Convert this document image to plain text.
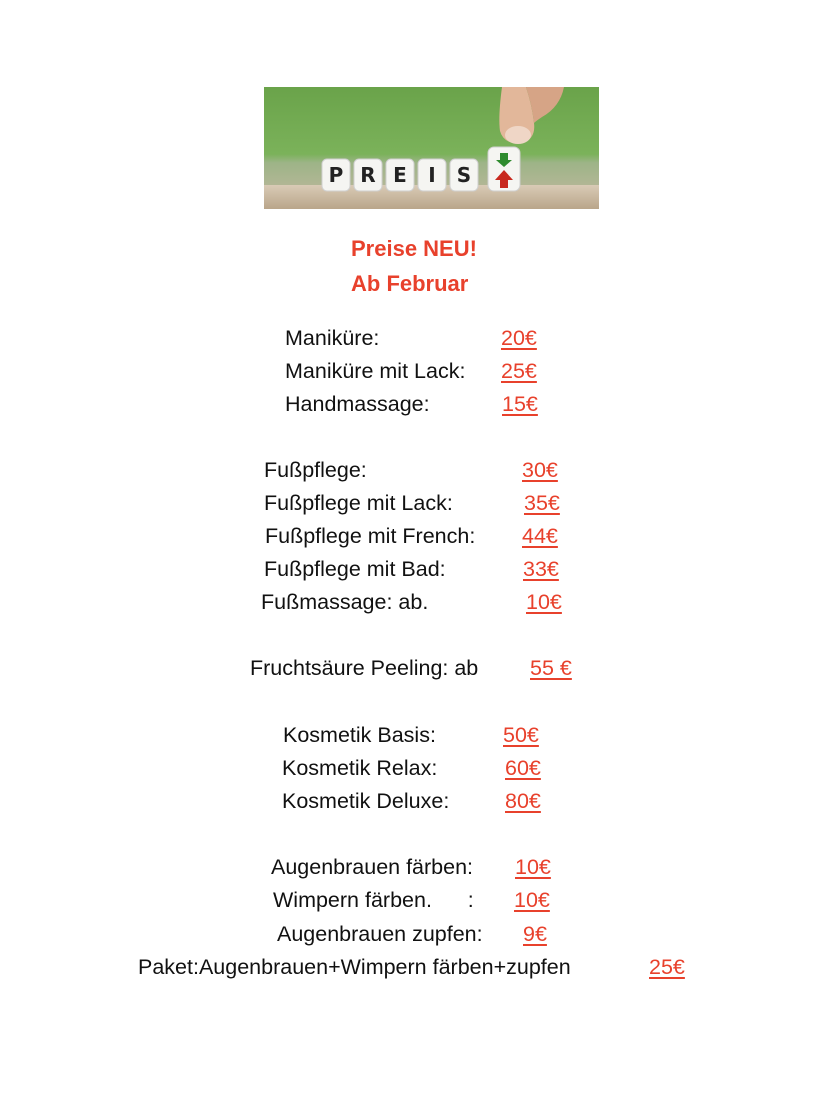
P R E I S
Preise NEU!
Ab Februar
Maniküre:	20€
Maniküre mit Lack: 25€
Handmassage:	15€
Fußpflege:	30€
Fußpflege mit Lack:	35€
Fußpflege mit French: 44€
Fußpflege mit Bad:	33€
Fußmassage: ab.	10€
Fruchtsäure Peeling: ab 55 €
Kosmetik Basis:	50€
Kosmetik Relax:	60€
Kosmetik Deluxe:	80€
Augenbrauen färben: 10€
Wimpern färben.      : 10€
Augenbrauen zupfen: 9€
Paket:Augenbrauen+Wimpern färben+zupfen	25€
